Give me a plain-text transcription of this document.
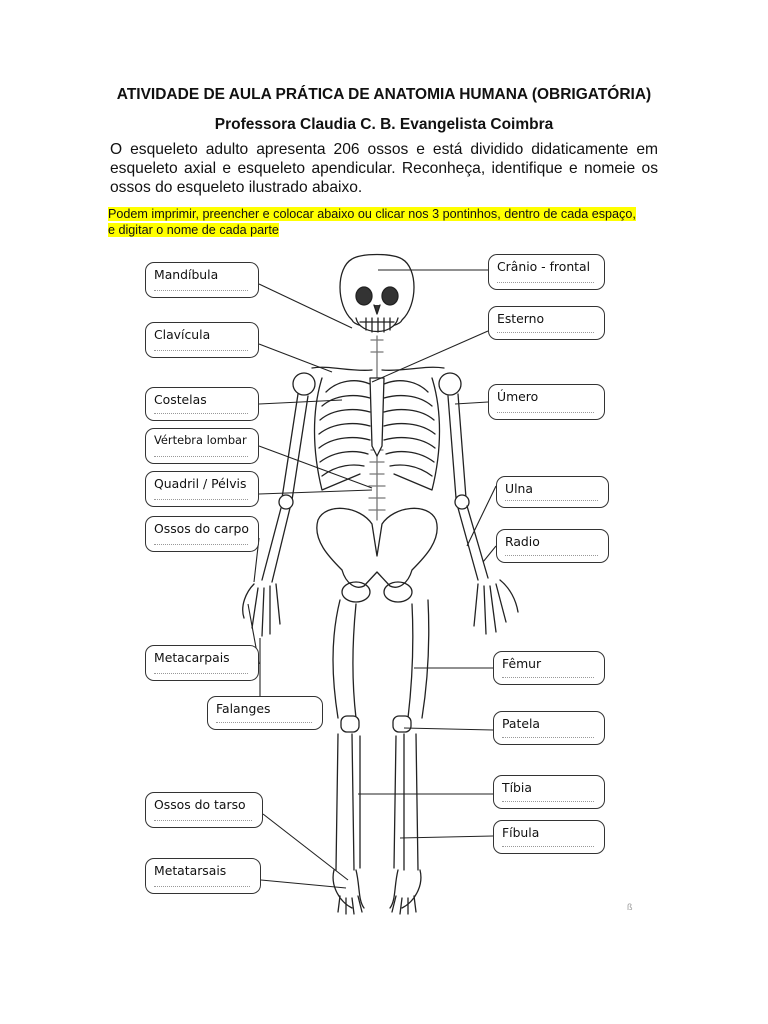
ATIVIDADE DE AULA PRÁTICA DE ANATOMIA HUMANA (OBRIGATÓRIA)
Professora Claudia C. B. Evangelista Coimbra
O esqueleto adulto apresenta 206 ossos e está dividido didaticamente em esqueleto axial e esqueleto apendicular. Reconheça, identifique e nomeie os ossos do esqueleto ilustrado abaixo.
Podem imprimir, preencher e colocar abaixo ou clicar nos 3 pontinhos, dentro de cada espaço,
e digitar o nome de cada parte
Mandíbula
Clavícula
Costelas
Vértebra lombar
Quadril / Pélvis
Ossos do carpo
Metacarpais
Falanges
Ossos do tarso
Metatarsais
Crânio - frontal
Esterno
Úmero
Ulna
Radio
Fêmur
Patela
Tíbia
Fíbula
ß
